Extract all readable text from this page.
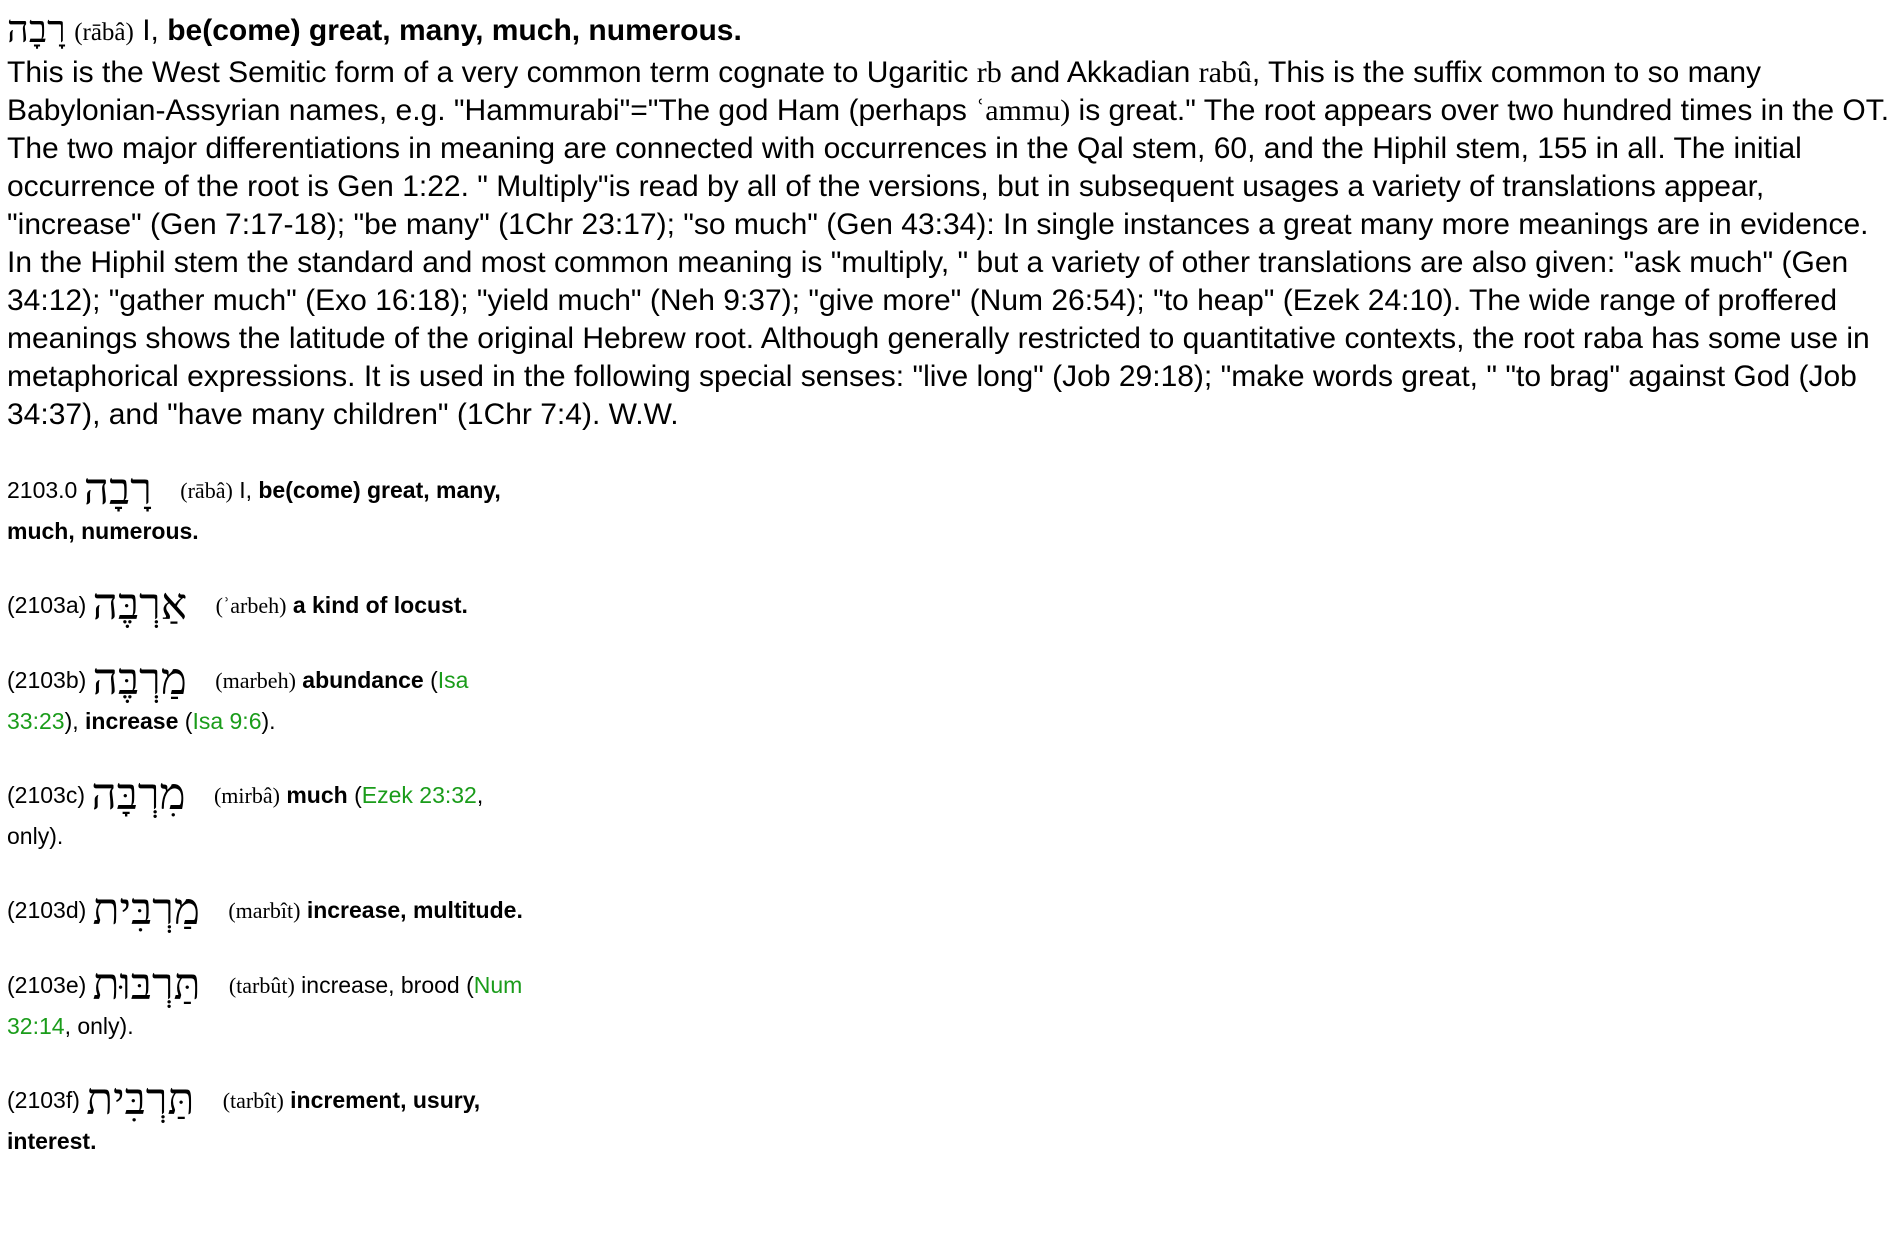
רָבָה (rābâ) I, be(come) great, many, much, numerous.

This is the West Semitic form of a very common term cognate to Ugaritic rb and Akkadian rabû, This is the suffix common to so many Babylonian-Assyrian names, e.g. "Hammurabi"="The god Ham (perhaps ʿammu) is great." The root appears over two hundred times in the OT. The two major differentiations in meaning are connected with occurrences in the Qal stem, 60, and the Hiphil stem, 155 in all. The initial occurrence of the root is Gen 1:22. " Multiply"is read by all of the versions, but in subsequent usages a variety of translations appear, "increase" (Gen 7:17-18); "be many" (1Chr 23:17); "so much" (Gen 43:34): In single instances a great many more meanings are in evidence. In the Hiphil stem the standard and most common meaning is "multiply, " but a variety of other translations are also given: "ask much" (Gen 34:12); "gather much" (Exo 16:18); "yield much" (Neh 9:37); "give more" (Num 26:54); "to heap" (Ezek 24:10). The wide range of proffered meanings shows the latitude of the original Hebrew root. Although generally restricted to quantitative contexts, the root raba has some use in metaphorical expressions. It is used in the following special senses: "live long" (Job 29:18); "make words great, " "to brag" against God (Job 34:37), and "have many children" (1Chr 7:4). W.W.

2103.0 רָבָה (rābâ) I, be(come) great, many, much, numerous.
(2103a) אַרְבֶּה (ʾarbeh) a kind of locust.
(2103b) מַרְבֶּה (marbeh) abundance (Isa 33:23), increase (Isa 9:6).
(2103c) מִרְבָּה (mirbâ) much (Ezek 23:32, only).
(2103d) מַרְבִּית (marbît) increase, multitude.
(2103e) תַּרְבּוּת (tarbût) increase, brood (Num 32:14, only).
(2103f) תַּרְבִּית (tarbît) increment, usury, interest.
